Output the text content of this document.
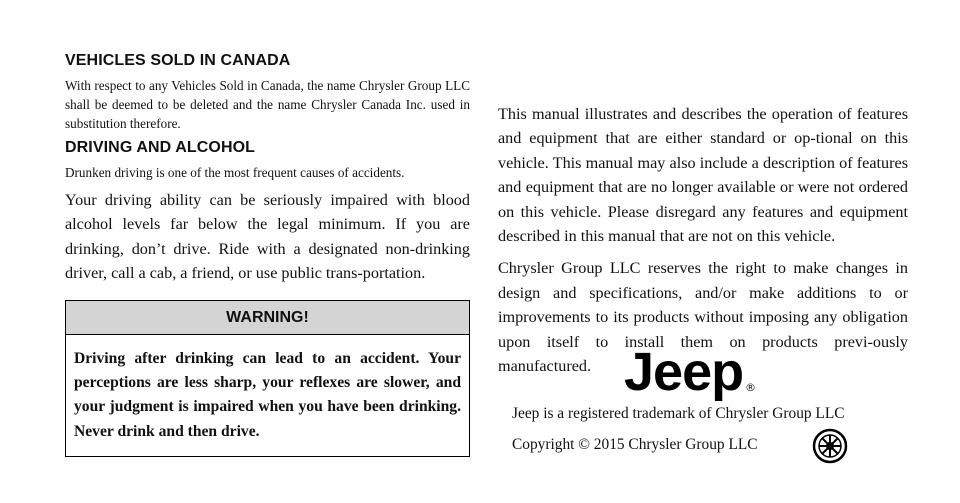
VEHICLES SOLD IN CANADA

With respect to any Vehicles Sold in Canada, the name Chrysler Group LLC shall be deemed to be deleted and the name Chrysler Canada Inc. used in substitution therefore.

DRIVING AND ALCOHOL

Drunken driving is one of the most frequent causes of accidents.

Your driving ability can be seriously impaired with blood alcohol levels far below the legal minimum. If you are drinking, don’t drive. Ride with a designated non-drinking driver, call a cab, a friend, or use public trans-portation.

WARNING!
Driving after drinking can lead to an accident. Your perceptions are less sharp, your reflexes are slower, and your judgment is impaired when you have been drinking. Never drink and then drive.

This manual illustrates and describes the operation of features and equipment that are either standard or op-tional on this vehicle. This manual may also include a description of features and equipment that are no longer available or were not ordered on this vehicle. Please disregard any features and equipment described in this manual that are not on this vehicle.

Chrysler Group LLC reserves the right to make changes in design and specifications, and/or make additions to or improvements to its products without imposing any obligation upon itself to install them on products previ-ously manufactured. Jeep ®
Jeep is a registered trademark of Chrysler Group LLC
Copyright © 2015 Chrysler Group LLC
